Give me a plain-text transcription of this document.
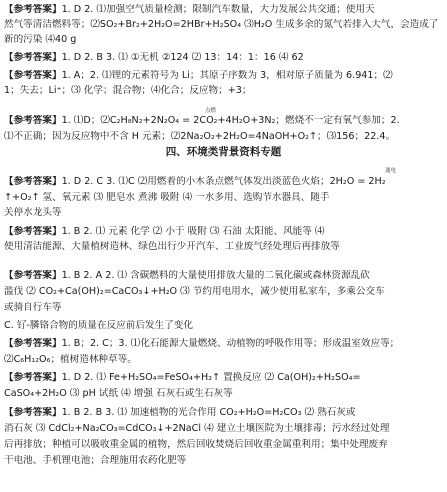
【参考答案】1. D 2. ⑴加强空气质量检测；限制汽车数量，大力发展公共交通；使用天
然气等清洁燃料等；⑵SO₂+Br₂+2H₂O=2HBr+H₂SO₄ ⑶H₂O 生成多余的氮气若排入大气，会造成了
新的污染 ⑷40 g
【参考答案】1. D 2. B 3. ⑴ ①无机 ②124 ⑵ 13：14：1：16 ⑷ 62
【参考答案】1. A；2. ⑴锂的元素符号为 Li；其原子序数为 3，相对原子质量为 6.941；⑵
1；失去；Li⁺；⑶ 化学；混合物；⑷化合；反应物；+3；
点燃
【参考答案】1. ⑴D；⑵C₂H₈N₂+2N₂O₄ = 2CO₂+4H₂O+3N₂；燃烧不一定有氧气参加；2.
⑴不正确；因为反应物中不含 H 元素；⑵2Na₂O₂+2H₂O=4NaOH+O₂↑；⑶156；22.4。
四、环境类背景资料专题
通电
【参考答案】1. D 2. C 3. ⑴C ⑵用燃着的小木条点燃气体发出淡蓝色火焰；2H₂O = 2H₂
↑+O₂↑ 氢、氧元素 ⑶ 肥皂水 煮沸 吸附 ⑷ 一水多用、选购节水器具、随手
关停水龙头等
【参考答案】1. B 2. ⑴ 元素 化学 ⑵ 小于 吸附 ⑶ 石油 太阳能、风能等 ⑷
使用清洁能源、大量植树造林、绿色出行少开汽车、工业废气经处理后再排放等
【参考答案】1. B 2. A 2. ⑴ 含碳燃料的大量使用排放大量的二氧化碳或森林资源乱砍
滥伐 ⑵ CO₂+Ca(OH)₂=CaCO₃↓+H₂O ⑶ 节约用电用水，减少使用私家车，多乘公交车
或骑自行车等
C. 钌-膦铬合物的质量在反应前后发生了变化
【参考答案】1. B；2. C；3. ⑴化石能源大量燃烧、动植物的呼吸作用等；形成温室效应等；
⑵C₆H₁₂O₆；植树造林种草等。
【参考答案】1. D 2. ⑴ Fe+H₂SO₄=FeSO₄+H₂↑ 置换反应 ⑵ Ca(OH)₂+H₂SO₄=
CaSO₄+2H₂O ⑶ pH 试纸 ⑷ 增强 石灰石或生石灰等
【参考答案】1. B 2. B 3. ⑴ 加速植物的光合作用 CO₂+H₂O=H₂CO₃ ⑵ 熟石灰或
消石灰 ⑶ CdCl₂+Na₂CO₃=CdCO₃↓+2NaCl ⑷ 建立土壤医院为土壤排毒；污水经过处理
后再排放；种植可以吸收重金属的植物，然后回收焚烧后回收重金属重利用；集中处理废弃
干电池、手机锂电池；合理施用农药化肥等
